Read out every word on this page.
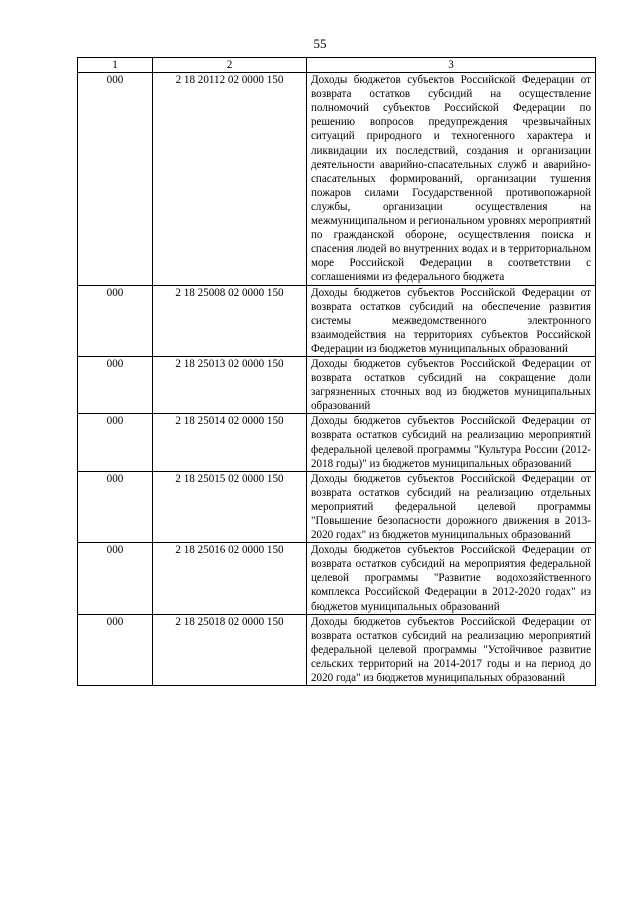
55
1	2	3
000	2 18 20112 02 0000 150	Доходы бюджетов субъектов Российской Федерации от возврата остатков субсидий на осуществление полномочий субъектов Российской Федерации по решению вопросов предупреждения чрезвычайных ситуаций природного и техногенного характера и ликвидации их последствий, создания и организации деятельности аварийно-спасательных служб и аварийно-спасательных формирований, организации тушения пожаров силами Государственной противопожарной службы, организации осуществления на межмуниципальном и региональном уровнях мероприятий по гражданской обороне, осуществления поиска и спасения людей во внутренних водах и в территориальном море Российской Федерации в соответствии с соглашениями из федерального бюджета
000	2 18 25008 02 0000 150	Доходы бюджетов субъектов Российской Федерации от возврата остатков субсидий на обеспечение развития системы межведомственного электронного взаимодействия на территориях субъектов Российской Федерации из бюджетов муниципальных образований
000	2 18 25013 02 0000 150	Доходы бюджетов субъектов Российской Федерации от возврата остатков субсидий на сокращение доли загрязненных сточных вод из бюджетов муниципальных образований
000	2 18 25014 02 0000 150	Доходы бюджетов субъектов Российской Федерации от возврата остатков субсидий на реализацию мероприятий федеральной целевой программы "Культура России (2012-2018 годы)" из бюджетов муниципальных образований
000	2 18 25015 02 0000 150	Доходы бюджетов субъектов Российской Федерации от возврата остатков субсидий на реализацию отдельных мероприятий федеральной целевой программы "Повышение безопасности дорожного движения в 2013-2020 годах" из бюджетов муниципальных образований
000	2 18 25016 02 0000 150	Доходы бюджетов субъектов Российской Федерации от возврата остатков субсидий на мероприятия федеральной целевой программы "Развитие водохозяйственного комплекса Российской Федерации в 2012-2020 годах" из бюджетов муниципальных образований
000	2 18 25018 02 0000 150	Доходы бюджетов субъектов Российской Федерации от возврата остатков субсидий на реализацию мероприятий федеральной целевой программы "Устойчивое развитие сельских территорий на 2014-2017 годы и на период до 2020 года" из бюджетов муниципальных образований
